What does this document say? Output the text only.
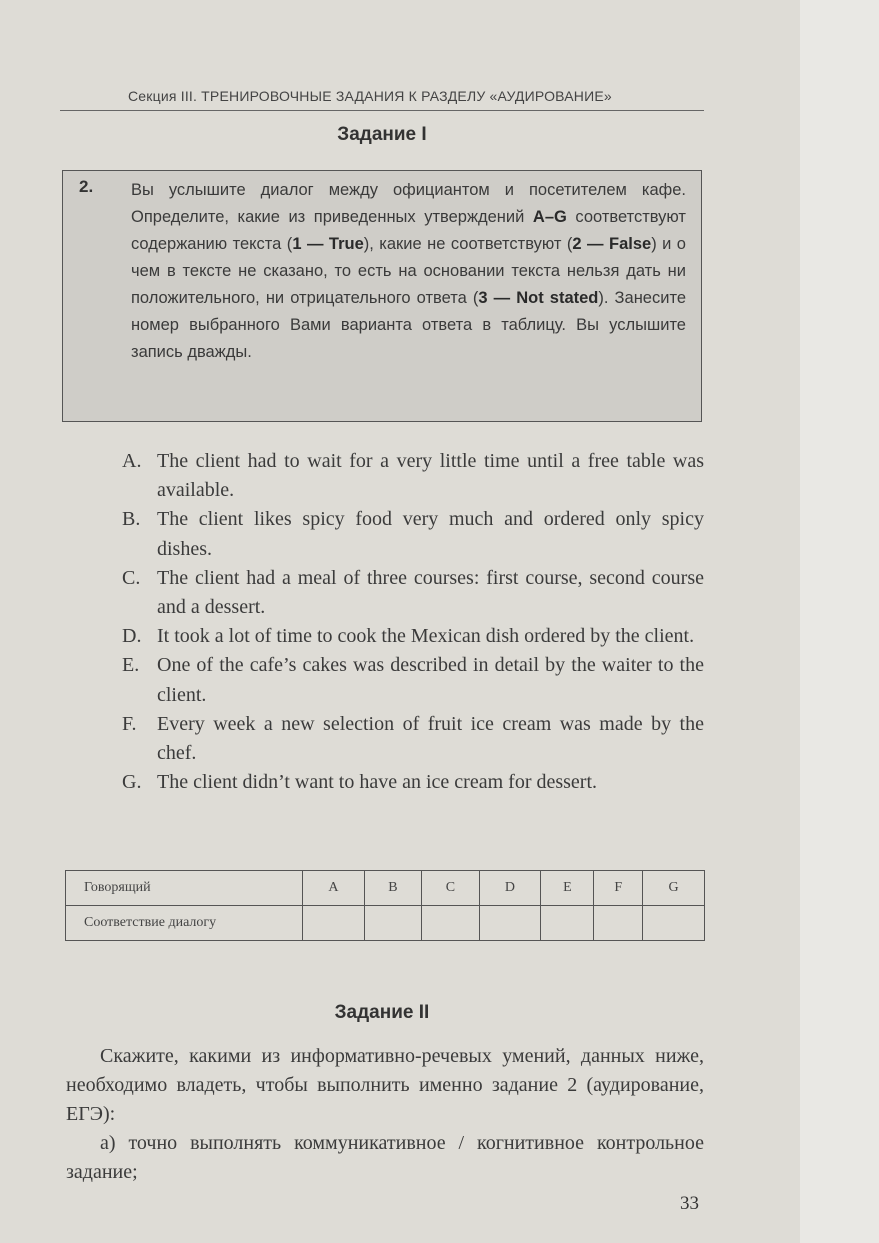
Секция III. ТРЕНИРОВОЧНЫЕ ЗАДАНИЯ К РАЗДЕЛУ «АУДИРОВАНИЕ»
Задание I
2. Вы услышите диалог между официантом и посетителем кафе. Определите, какие из приведенных утверждений A–G соответствуют содержанию текста (1 — True), какие не соответствуют (2 — False) и о чем в тексте не сказано, то есть на основании текста нельзя дать ни положительного, ни отрицательного ответа (3 — Not stated). Занесите номер выбранного Вами варианта ответа в таблицу. Вы услышите запись дважды.
A. The client had to wait for a very little time until a free table was available.
B. The client likes spicy food very much and ordered only spicy dishes.
C. The client had a meal of three courses: first course, second course and a dessert.
D. It took a lot of time to cook the Mexican dish ordered by the client.
E. One of the cafe’s cakes was described in detail by the waiter to the client.
F. Every week a new selection of fruit ice cream was made by the chef.
G. The client didn’t want to have an ice cream for dessert.
Говорящий	A	B	C	D	E	F	G
Соответствие диалогу							
Задание II
Скажите, какими из информативно-речевых умений, данных ниже, необходимо владеть, чтобы выполнить именно задание 2 (аудирование, ЕГЭ):
а) точно выполнять коммуникативное / когнитивное контрольное задание;
33
